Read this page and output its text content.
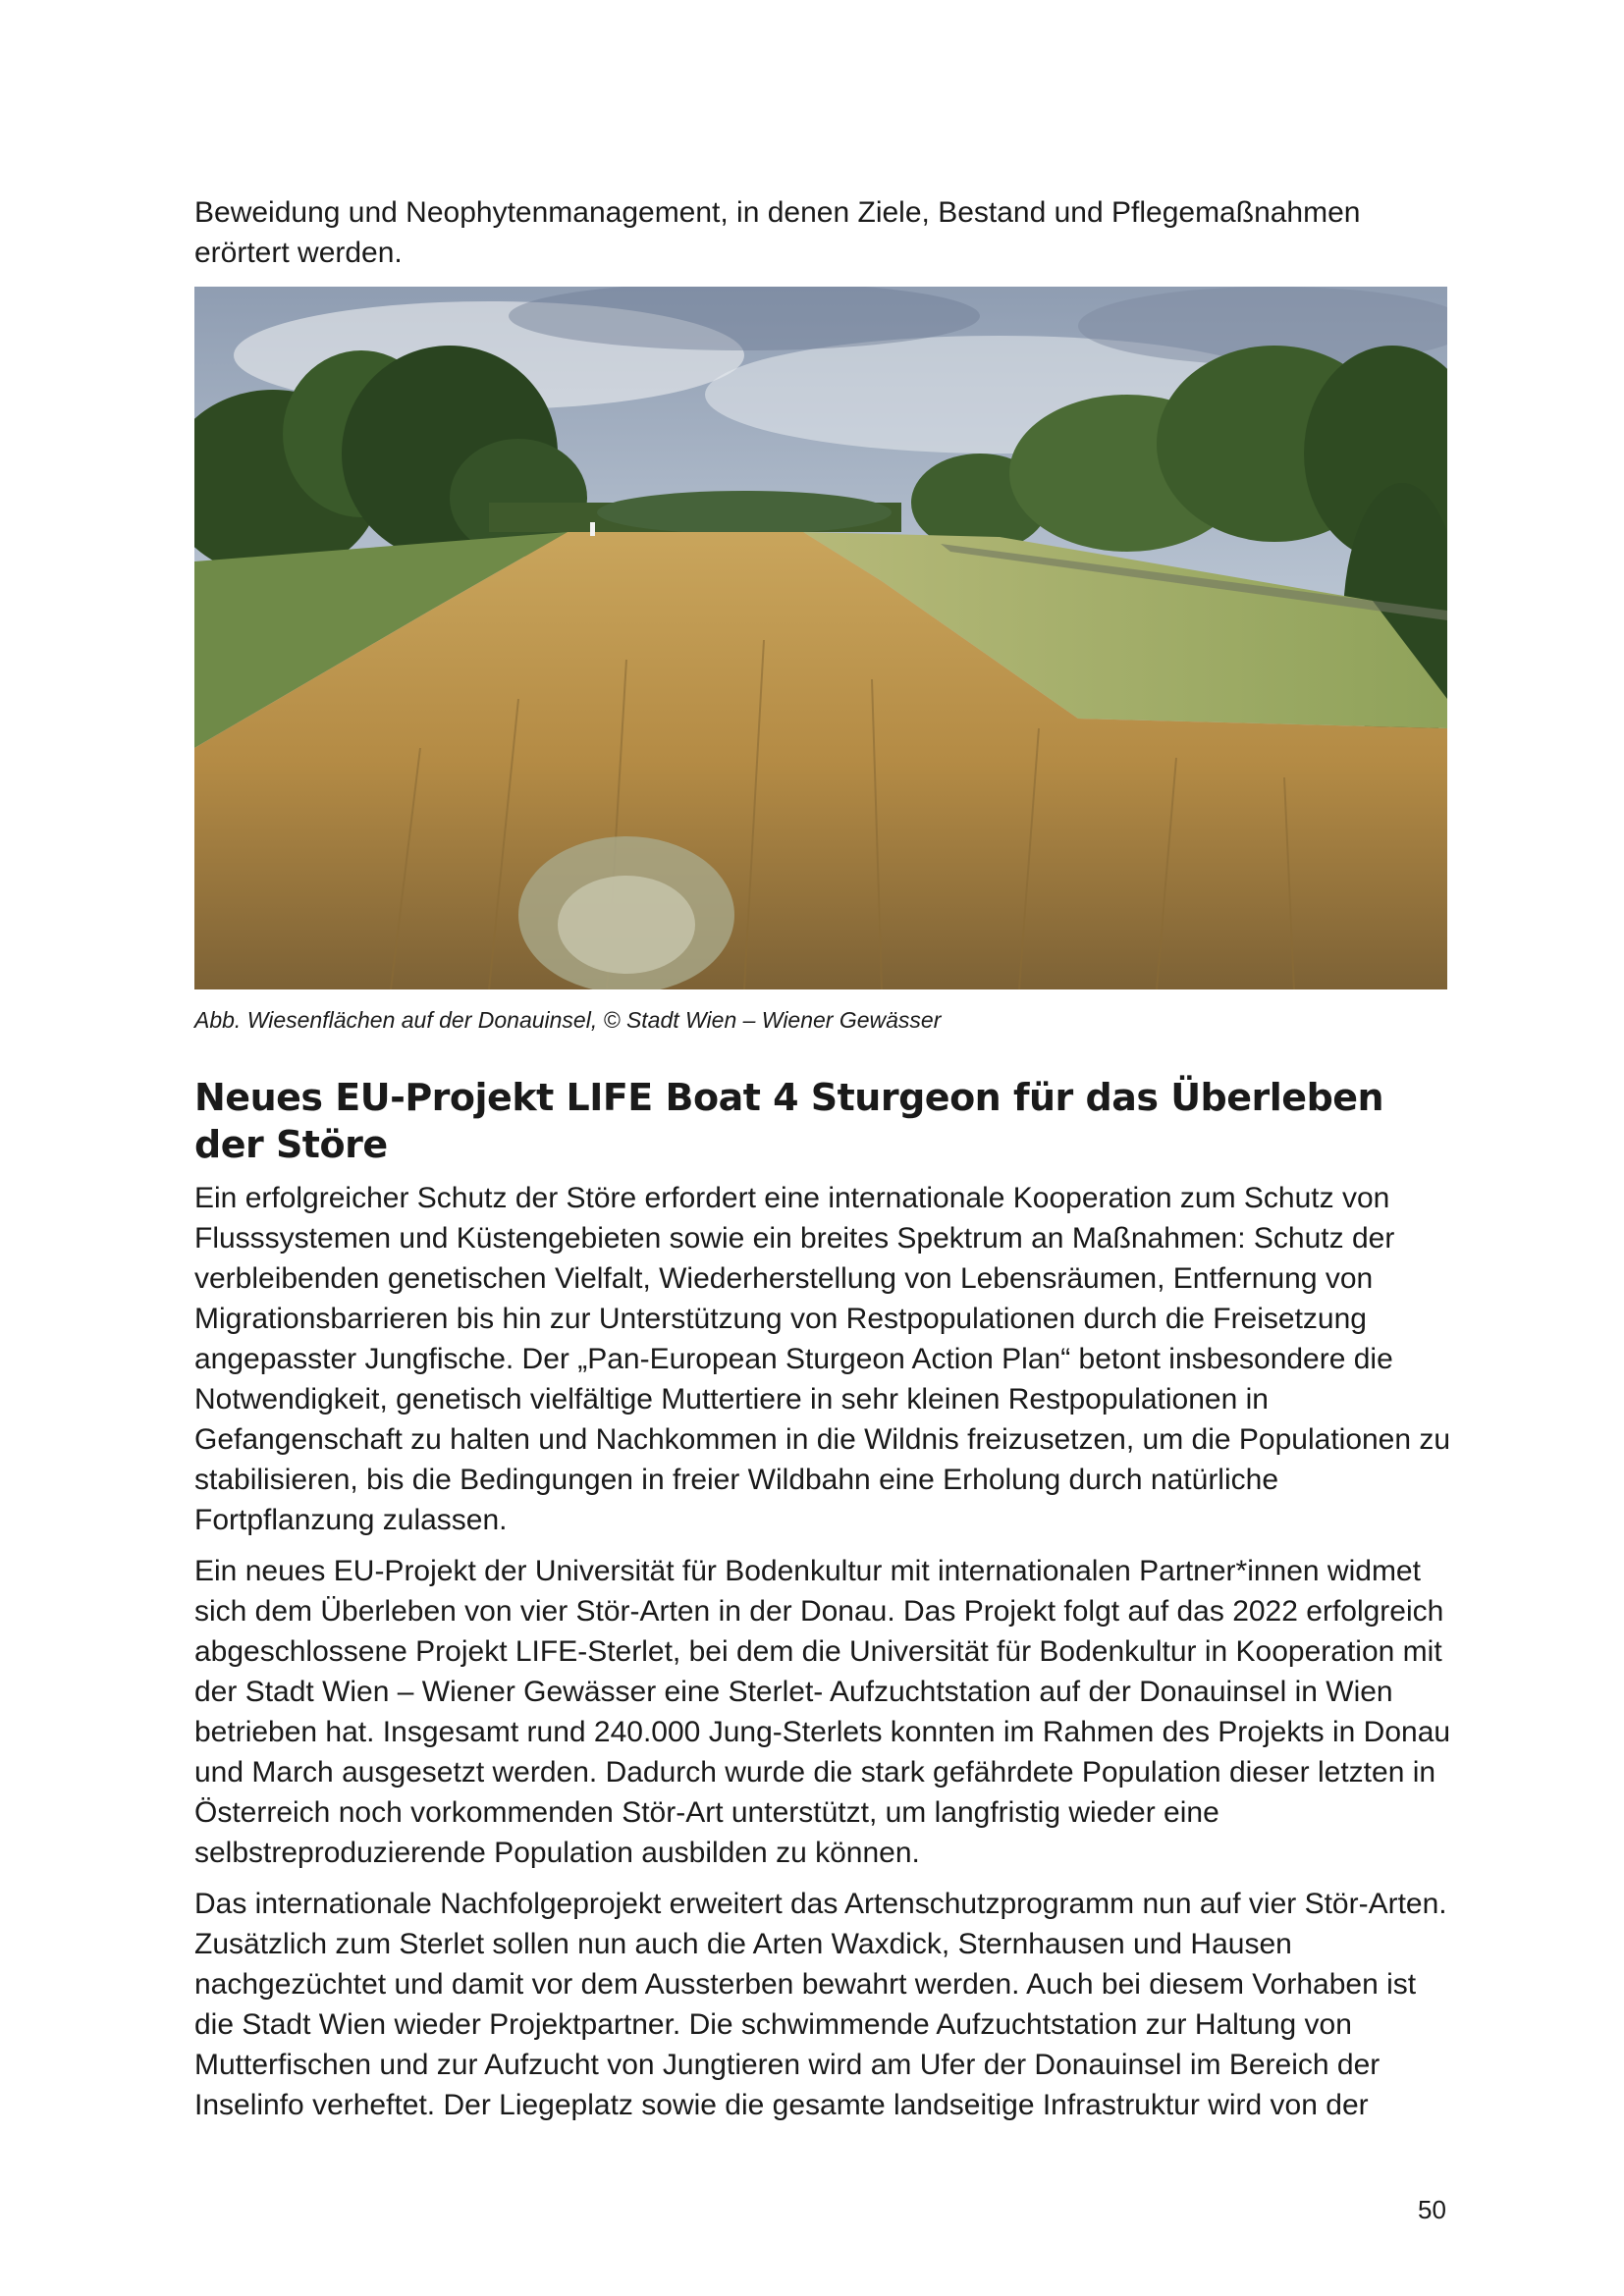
Beweidung und Neophytenmanagement, in denen Ziele, Bestand und Pflegemaßnahmen erörtert werden.

Abb. Wiesenflächen auf der Donauinsel, © Stadt Wien – Wiener Gewässer

Neues EU-Projekt LIFE Boat 4 Sturgeon für das Überleben der Störe

Ein erfolgreicher Schutz der Störe erfordert eine internationale Kooperation zum Schutz von Flusssystemen und Küstengebieten sowie ein breites Spektrum an Maßnahmen: Schutz der verbleibenden genetischen Vielfalt, Wiederherstellung von Lebensräumen, Entfernung von Migrationsbarrieren bis hin zur Unterstützung von Restpopulationen durch die Freisetzung angepasster Jungfische. Der „Pan-European Sturgeon Action Plan“ betont insbesondere die Notwendigkeit, genetisch vielfältige Muttertiere in sehr kleinen Restpopulationen in Gefangenschaft zu halten und Nachkommen in die Wildnis freizusetzen, um die Populationen zu stabilisieren, bis die Bedingungen in freier Wildbahn eine Erholung durch natürliche Fortpflanzung zulassen.

Ein neues EU-Projekt der Universität für Bodenkultur mit internationalen Partner*innen widmet sich dem Überleben von vier Stör-Arten in der Donau. Das Projekt folgt auf das 2022 erfolgreich abgeschlossene Projekt LIFE-Sterlet, bei dem die Universität für Bodenkultur in Kooperation mit der Stadt Wien – Wiener Gewässer eine Sterlet- Aufzuchtstation auf der Donauinsel in Wien betrieben hat. Insgesamt rund 240.000 Jung-Sterlets konnten im Rahmen des Projekts in Donau und March ausgesetzt werden. Dadurch wurde die stark gefährdete Population dieser letzten in Österreich noch vorkommenden Stör-Art unterstützt, um langfristig wieder eine selbstreproduzierende Population ausbilden zu können.

Das internationale Nachfolgeprojekt erweitert das Artenschutzprogramm nun auf vier Stör-Arten. Zusätzlich zum Sterlet sollen nun auch die Arten Waxdick, Sternhausen und Hausen nachgezüchtet und damit vor dem Aussterben bewahrt werden. Auch bei diesem Vorhaben ist die Stadt Wien wieder Projektpartner. Die schwimmende Aufzuchtstation zur Haltung von Mutterfischen und zur Aufzucht von Jungtieren wird am Ufer der Donauinsel im Bereich der Inselinfo verheftet. Der Liegeplatz sowie die gesamte landseitige Infrastruktur wird von der

50
